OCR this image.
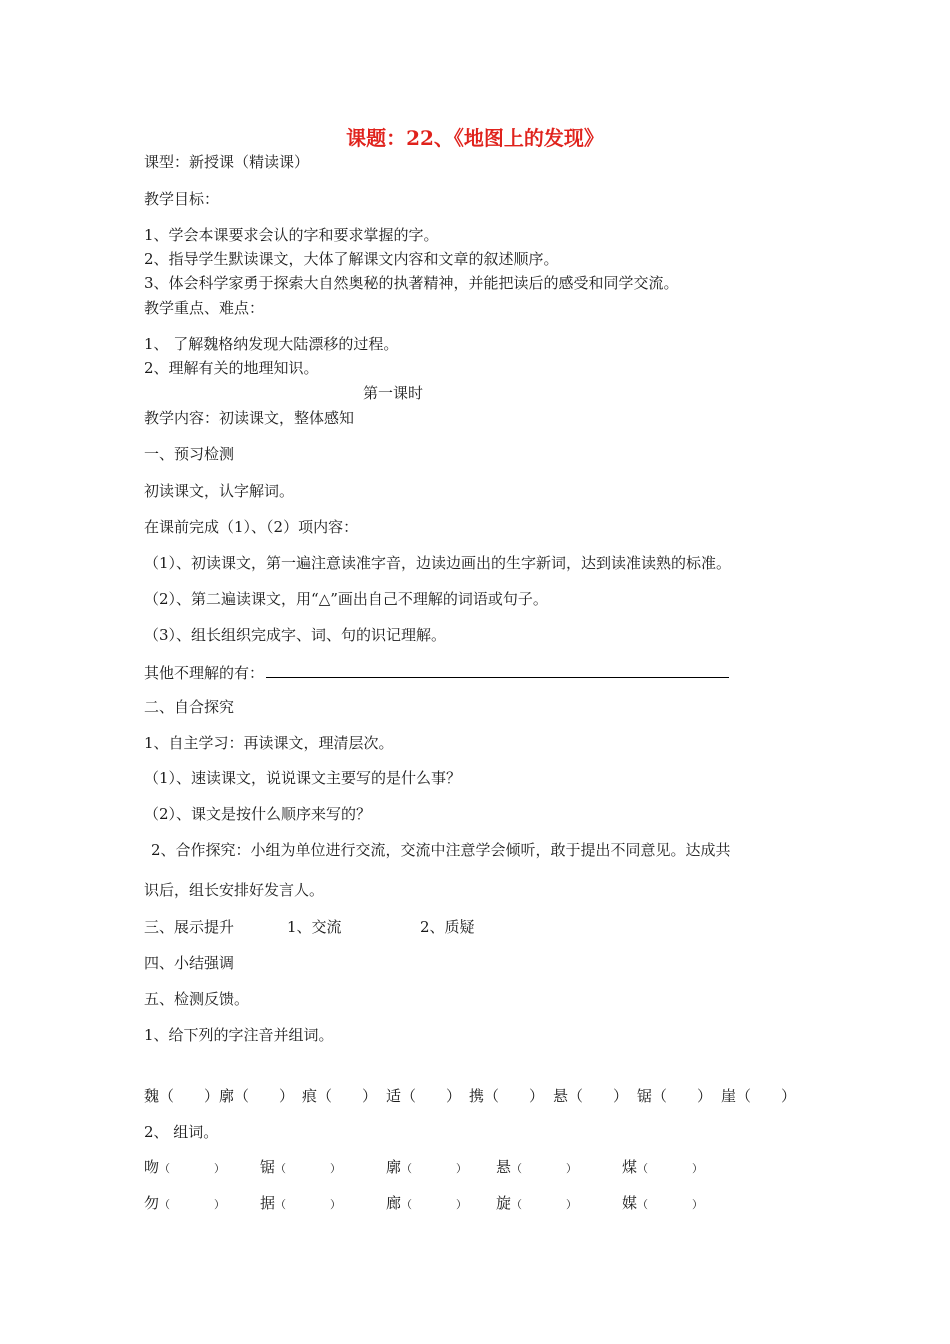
课题：22、《地图上的发现》
课型：新授课（精读课）
教学目标：
1、学会本课要求会认的字和要求掌握的字。
2、指导学生默读课文，大体了解课文内容和文章的叙述顺序。
3、体会科学家勇于探索大自然奥秘的执著精神，并能把读后的感受和同学交流。
教学重点、难点：
1、 了解魏格纳发现大陆漂移的过程。
2、理解有关的地理知识。
第一课时
教学内容：初读课文，整体感知
一、预习检测
初读课文，认字解词。
在课前完成（1）、（2）项内容：
（1）、初读课文，第一遍注意读准字音，边读边画出的生字新词，达到读准读熟的标准。
（2）、第二遍读课文，用“△”画出自己不理解的词语或句子。
（3）、组长组织完成字、词、句的识记理解。
其他不理解的有：
二、自合探究
1、自主学习：再读课文，理清层次。
（1）、速读课文，说说课文主要写的是什么事？
（2）、课文是按什么顺序来写的？
2、合作探究：小组为单位进行交流，交流中注意学会倾听，敢于提出不同意见。达成共
识后，组长安排好发言人。
三、展示提升	1、交流	2、质疑
四、小结强调
五、检测反馈。
1、给下列的字注音并组词。
魏（　　） 廓（　　） 痕（　　） 适（　　） 携（　　） 悬（　　） 锯（　　） 崖（　　）
2、 组词。
吻（　　　　） 锯（　　　　）	廓（　　　　） 悬（　　　　）	煤（　　　　）
勿（　　　　） 据（　　　　）	廊（　　　　） 旋（　　　　）	媒（　　　　）
